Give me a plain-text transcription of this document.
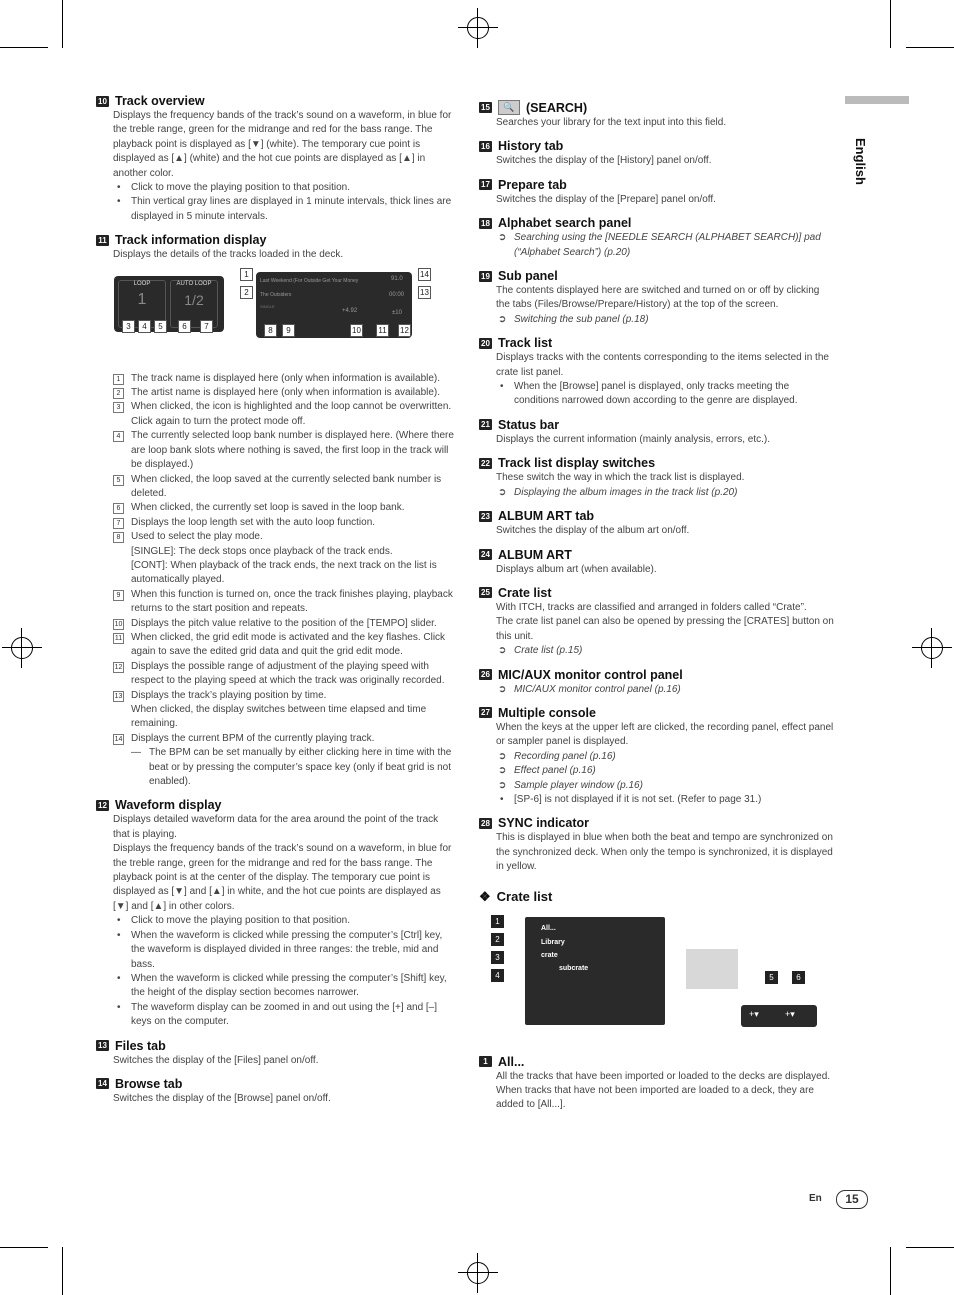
English
10 Track overview

Displays the frequency bands of the track’s sound on a waveform, in blue for the treble range, green for the midrange and red for the bass range. The playback point is displayed as [▼] (white). The temporary cue point is displayed as [▲] (white) and the hot cue points are displayed as [▲] in another color.

• Click to move the playing position to that position.
• Thin vertical gray lines are displayed in 1 minute intervals, thick lines are displayed in 5 minute intervals.
11 Track information display

Displays the details of the tracks loaded in the deck.

LOOP
1
AUTO LOOP
1/2
Last Weekend (For Outside Get Your Money
The Outsiders
SINGLE
+4.92
91.0
00:00
±10
1
2
3	4	5	6	7	8	9	10 11 12
13
14
1	The track name is displayed here (only when information is available).

2	The artist name is displayed here (only when information is available).

3	When clicked, the icon is highlighted and the loop cannot be overwritten. Click again to turn the protect mode off.

4	The currently selected loop bank number is displayed here. (Where there are loop bank slots where nothing is saved, the first loop in the track will be displayed.)

5	When clicked, the loop saved at the currently selected bank number is deleted.

6	When clicked, the currently set loop is saved in the loop bank.

7	Displays the loop length set with the auto loop function.

8	Used to select the play mode.

[SINGLE]: The deck stops once playback of the track ends.

[CONT]: When playback of the track ends, the next track on the list is automatically played.

9	When this function is turned on, once the track finishes playing, playback returns to the start position and repeats.

10 Displays the pitch value relative to the position of the [TEMPO] slider.

11 When clicked, the grid edit mode is activated and the key flashes. Click again to save the edited grid data and quit the grid edit mode.

12 Displays the possible range of adjustment of the playing speed with respect to the playing speed at which the track was originally recorded.

13 Displays the track’s playing position by time.

When clicked, the display switches between time elapsed and time remaining.

14 Displays the current BPM of the currently playing track.

— The BPM can be set manually by either clicking here in time with the beat or by pressing the computer’s space key (only if beat grid is not enabled).
12 Waveform display

Displays detailed waveform data for the area around the point of the track that is playing.

Displays the frequency bands of the track’s sound on a waveform, in blue for the treble range, green for the midrange and red for the bass range. The playback point is at the center of the display. The temporary cue point is displayed as [▼] and [▲] in white, and the hot cue points are displayed as [▼] and [▲] in other colors.

• Click to move the playing position to that position.
• When the waveform is clicked while pressing the computer’s [Ctrl] key, the waveform is displayed divided in three ranges: the treble, mid and bass.
• When the waveform is clicked while pressing the computer’s [Shift] key, the height of the display section becomes narrower.
• The waveform display can be zoomed in and out using the [+] and [–] keys on the computer.
13 Files tab

Switches the display of the [Files] panel on/off.

14 Browse tab

Switches the display of the [Browse] panel on/off.

15	🔍 (SEARCH)

Searches your library for the text input into this field.

16 History tab

Switches the display of the [History] panel on/off.

17 Prepare tab

Switches the display of the [Prepare] panel on/off.

18 Alphabet search panel
➲ Searching using the [NEEDLE SEARCH (ALPHABET SEARCH)] pad (“Alphabet Search”) (p.20)
19 Sub panel

The contents displayed here are switched and turned on or off by clicking the tabs (Files/Browse/Prepare/History) at the top of the screen.

➲ Switching the sub panel (p.18)
20 Track list

Displays tracks with the contents corresponding to the items selected in the crate list panel.

• When the [Browse] panel is displayed, only tracks meeting the conditions narrowed down according to the genre are displayed.
21 Status bar

Displays the current information (mainly analysis, errors, etc.).

22 Track list display switches

These switch the way in which the track list is displayed.

➲ Displaying the album images in the track list (p.20)
23 ALBUM ART tab

Switches the display of the album art on/off.

24 ALBUM ART

Displays album art (when available).

25 Crate list

With ITCH, tracks are classified and arranged in folders called “Crate”.

The crate list panel can also be opened by pressing the [CRATES] button on this unit.

➲ Crate list (p.15)
26 MIC/AUX monitor control panel
➲ MIC/AUX monitor control panel (p.16)
27 Multiple console

When the keys at the upper left are clicked, the recording panel, effect panel or sampler panel is displayed.

➲ Recording panel (p.16)
➲ Effect panel (p.16)
➲ Sample player window (p.16)
• [SP-6] is not displayed if it is not set. (Refer to page 31.)
28 SYNC indicator

This is displayed in blue when both the beat and tempo are synchronized on the synchronized deck. When only the tempo is synchronized, it is displayed in yellow.

❖ Crate list
All...
Library
crate
subcrate
+▾	+▾
1
2
3
4	5	6
1 All...

All the tracks that have been imported or loaded to the decks are displayed. When tracks that have not been imported are loaded to a deck, they are added to [All...].

En	15
